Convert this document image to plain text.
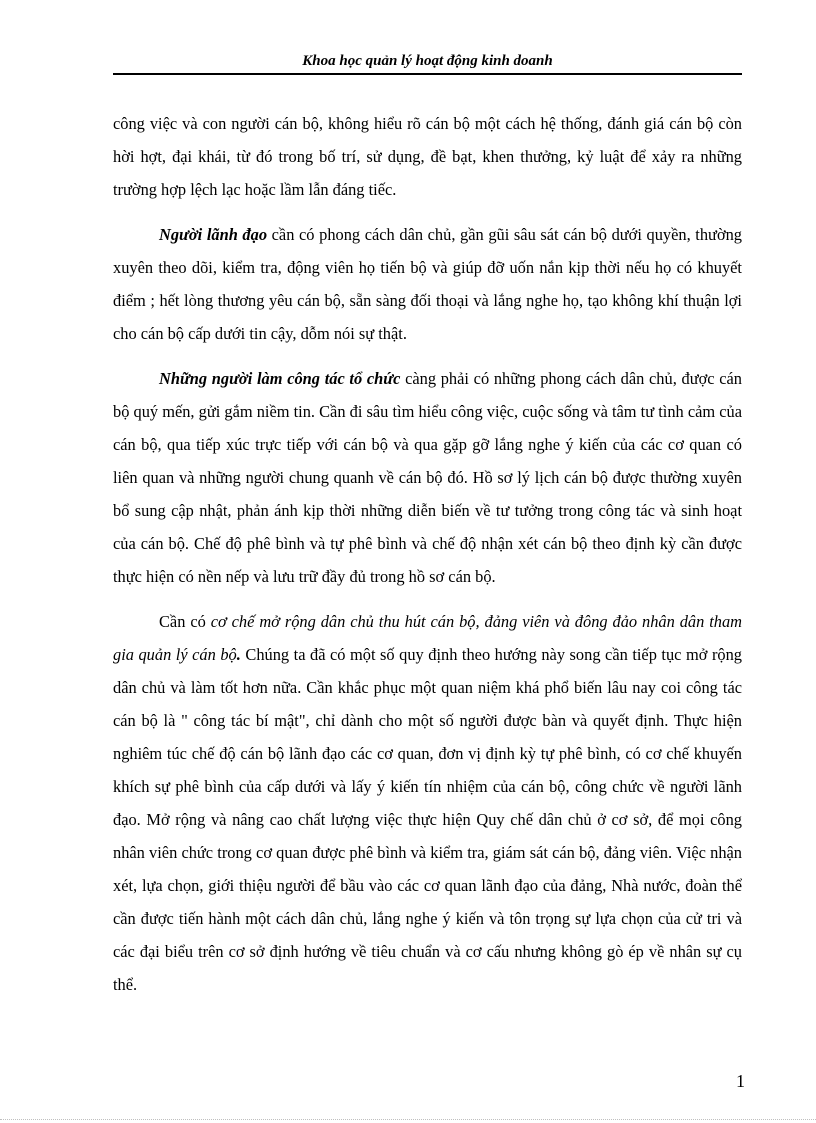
Khoa học quản lý hoạt động kinh doanh

công việc và con người cán bộ, không hiểu rõ cán bộ một cách hệ thống, đánh giá cán bộ còn hời hợt, đại khái, từ đó trong bố trí, sử dụng, đề bạt, khen thưởng, kỷ luật để xảy ra những trường hợp lệch lạc hoặc lầm lẫn đáng tiếc.

Người lãnh đạo cần có phong cách dân chủ, gần gũi sâu sát cán bộ dưới quyền, thường xuyên theo dõi, kiểm tra, động viên họ tiến bộ và giúp đỡ uốn nắn kịp thời nếu họ có khuyết điểm ; hết lòng thương yêu cán bộ, sẵn sàng đối thoại và lắng nghe họ, tạo không khí thuận lợi cho cán bộ cấp dưới tin cậy, dỗm nói sự thật.

Những người làm công tác tổ chức càng phải có những phong cách dân chủ, được cán bộ quý mến, gửi gắm niềm tin. Cần đi sâu tìm hiểu công việc, cuộc sống và tâm tư tình cảm của cán bộ, qua tiếp xúc trực tiếp với cán bộ và qua gặp gỡ lắng nghe ý kiến của các cơ quan có liên quan và những người chung quanh về cán bộ đó. Hồ sơ lý lịch cán bộ được thường xuyên bổ sung cập nhật, phản ánh kịp thời những diễn biến về tư tưởng trong công tác và sinh hoạt của cán bộ. Chế độ phê bình và tự phê bình và chế độ nhận xét cán bộ theo định kỳ cần được thực hiện có nền nếp và lưu trữ đầy đủ trong hồ sơ cán bộ.

Cần có cơ chế mở rộng dân chủ thu hút cán bộ, đảng viên và đông đảo nhân dân tham gia quản lý cán bộ. Chúng ta đã có một số quy định theo hướng này song cần tiếp tục mở rộng dân chủ và làm tốt hơn nữa. Cần khắc phục một quan niệm khá phổ biến lâu nay coi công tác cán bộ là " công tác bí mật", chỉ dành cho một số người được bàn và quyết định. Thực hiện nghiêm túc chế độ cán bộ lãnh đạo các cơ quan, đơn vị định kỳ tự phê bình, có cơ chế khuyến khích sự phê bình của cấp dưới và lấy ý kiến tín nhiệm của cán bộ, công chức về người lãnh đạo. Mở rộng và nâng cao chất lượng việc thực hiện Quy chế dân chủ ở cơ sở, để mọi công nhân viên chức trong cơ quan được phê bình và kiểm tra, giám sát cán bộ, đảng viên. Việc nhận xét, lựa chọn, giới thiệu người để bầu vào các cơ quan lãnh đạo của đảng, Nhà nước, đoàn thể cần được tiến hành một cách dân chủ, lắng nghe ý kiến và tôn trọng sự lựa chọn của cử tri và các đại biểu trên cơ sở định hướng về tiêu chuẩn và cơ cấu nhưng không gò ép về nhân sự cụ thể.

1
